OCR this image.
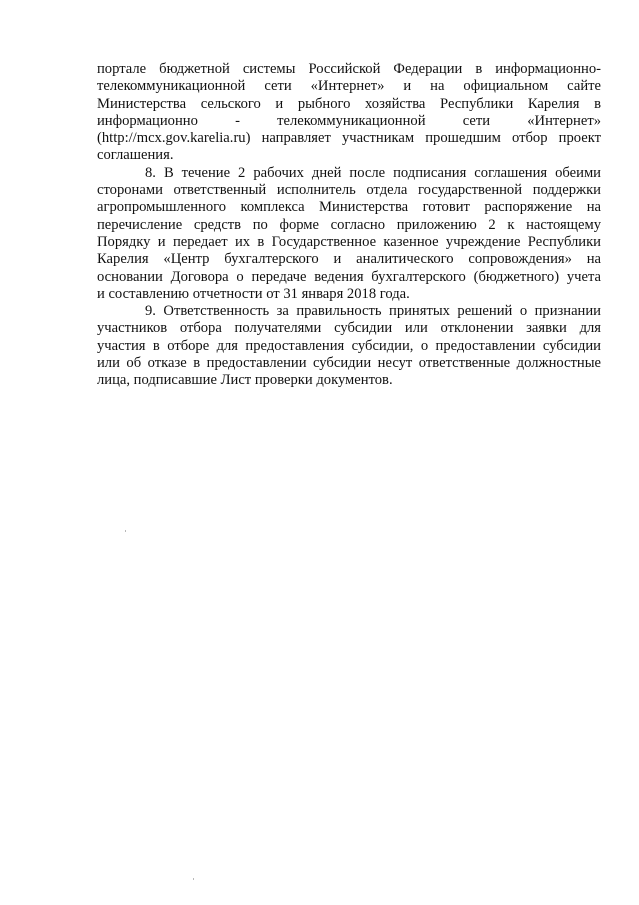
порталe бюджетной системы Российской Федерации в информационно-
телекоммуникационной сети «Интернет» и на официальном сайте
Министерства сельского и рыбного хозяйства Республики Карелия в
информационно - телекоммуникационной сети «Интернет»
(http://mcx.gov.karelia.ru) направляет участникам прошедшим отбор проект
соглашения.
8. В течение 2 рабочих дней после подписания соглашения обеими
сторонами ответственный исполнитель отдела государственной поддержки
агропромышленного комплекса Министерства готовит распоряжение на
перечисление средств по форме согласно приложению 2 к настоящему
Порядку и передает их в Государственное казенное учреждение Республики
Карелия «Центр бухгалтерского и аналитического сопровождения» на
основании Договора о передаче ведения бухгалтерского (бюджетного) учета
и составлению отчетности от 31 января 2018 года.
9. Ответственность за правильность принятых решений о признании
участников отбора получателями субсидии или отклонении заявки для
участия в отборе для предоставления субсидии, о предоставлении субсидии
или об отказе в предоставлении субсидии несут ответственные должностные
лица, подписавшие Лист проверки документов.
